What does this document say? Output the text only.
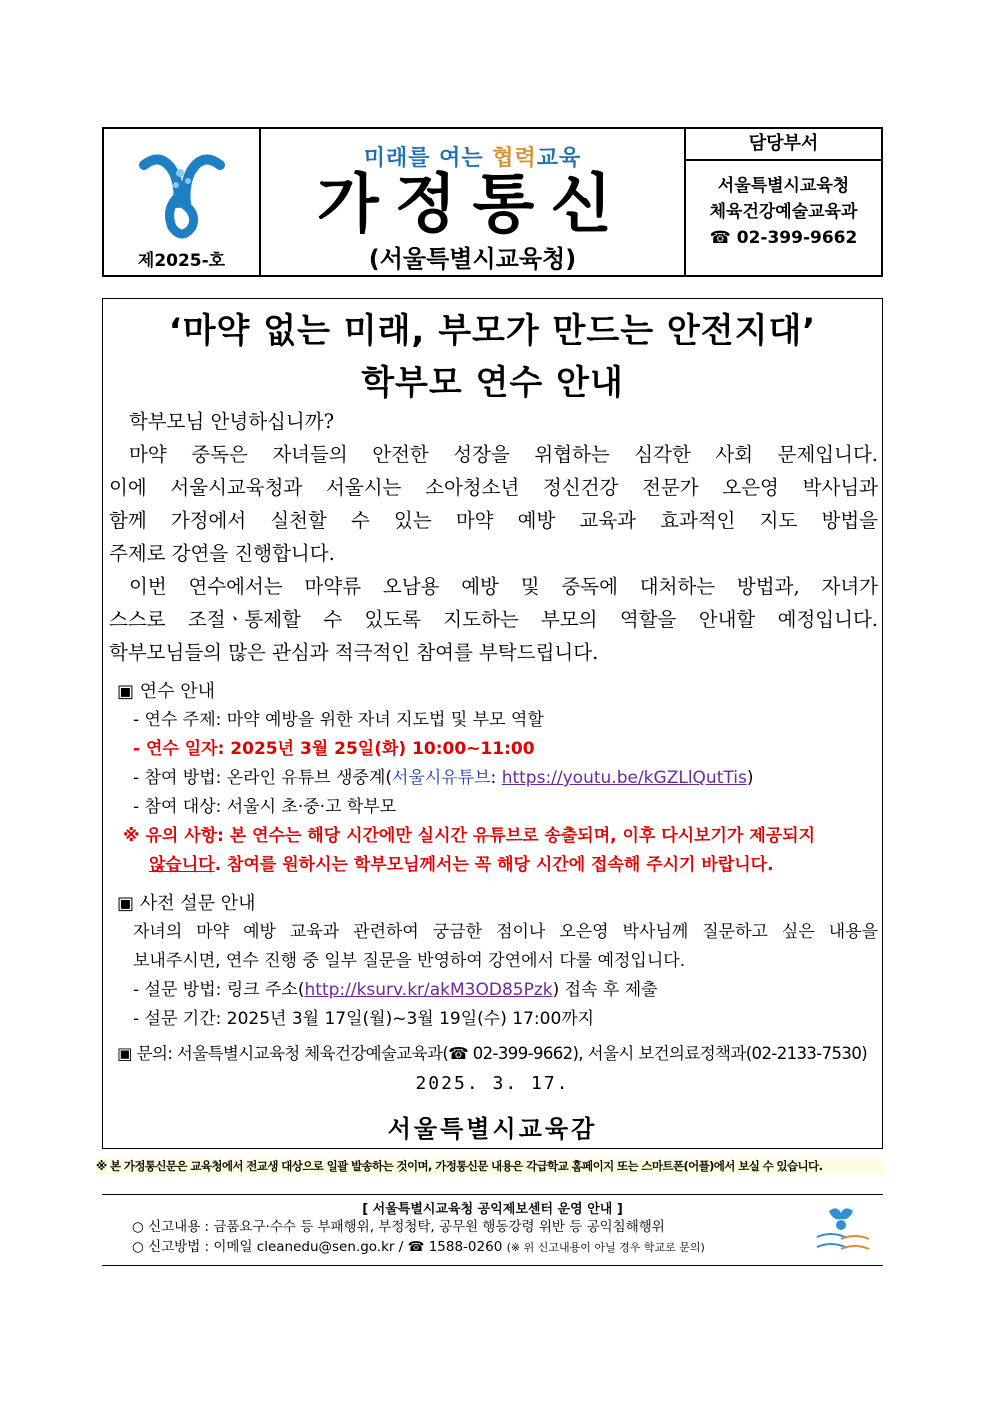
제2025-호
미래를 여는 협력교육
가정통신
(서울특별시교육청)
담당부서
서울특별시교육청
체육건강예술교육과
☎ 02-399-9662
‘마약 없는 미래, 부모가 만드는 안전지대’
학부모 연수 안내

학부모님 안녕하십니까?

마약 중독은 자녀들의 안전한 성장을 위협하는 심각한 사회 문제입니다.

이에 서울시교육청과 서울시는 소아청소년 정신건강 전문가 오은영 박사님과

함께 가정에서 실천할 수 있는 마약 예방 교육과 효과적인 지도 방법을

주제로 강연을 진행합니다.

이번 연수에서는 마약류 오남용 예방 및 중독에 대처하는 방법과, 자녀가

스스로 조절ㆍ통제할 수 있도록 지도하는 부모의 역할을 안내할 예정입니다.

학부모님들의 많은 관심과 적극적인 참여를 부탁드립니다.

▣ 연수 안내
- 연수 주제: 마약 예방을 위한 자녀 지도법 및 부모 역할
- 연수 일자: 2025년 3월 25일(화) 10:00~11:00
- 참여 방법: 온라인 유튜브 생중계(서울시유튜브: https://youtu.be/kGZLlQutTis)
- 참여 대상: 서울시 초·중·고 학부모
※ 유의 사항: 본 연수는 해당 시간에만 실시간 유튜브로 송출되며, 이후 다시보기가 제공되지
않습니다. 참여를 원하시는 학부모님께서는 꼭 해당 시간에 접속해 주시기 바랍니다.
▣ 사전 설문 안내
자녀의 마약 예방 교육과 관련하여 궁금한 점이나 오은영 박사님께 질문하고 싶은 내용을
보내주시면, 연수 진행 중 일부 질문을 반영하여 강연에서 다룰 예정입니다.
- 설문 방법: 링크 주소(http://ksurv.kr/akM3OD85Pzk) 접속 후 제출
- 설문 기간: 2025년 3월 17일(월)~3월 19일(수) 17:00까지
▣ 문의: 서울특별시교육청 체육건강예술교육과(☎ 02-399-9662), 서울시 보건의료정책과(02-2133-7530)
2025. 3. 17.
서울특별시교육감
※ 본 가정통신문은 교육청에서 전교생 대상으로 일괄 발송하는 것이며, 가정통신문 내용은 각급학교 홈페이지 또는 스마트폰(어플)에서 보실 수 있습니다.
[ 서울특별시교육청 공익제보센터 운영 안내 ]
○ 신고내용 : 금품요구·수수 등 부패행위, 부정청탁, 공무원 행동강령 위반 등 공익침해행위
○ 신고방법 : 이메일 cleanedu@sen.go.kr / ☎ 1588-0260 (※ 위 신고내용이 아닐 경우 학교로 문의)
